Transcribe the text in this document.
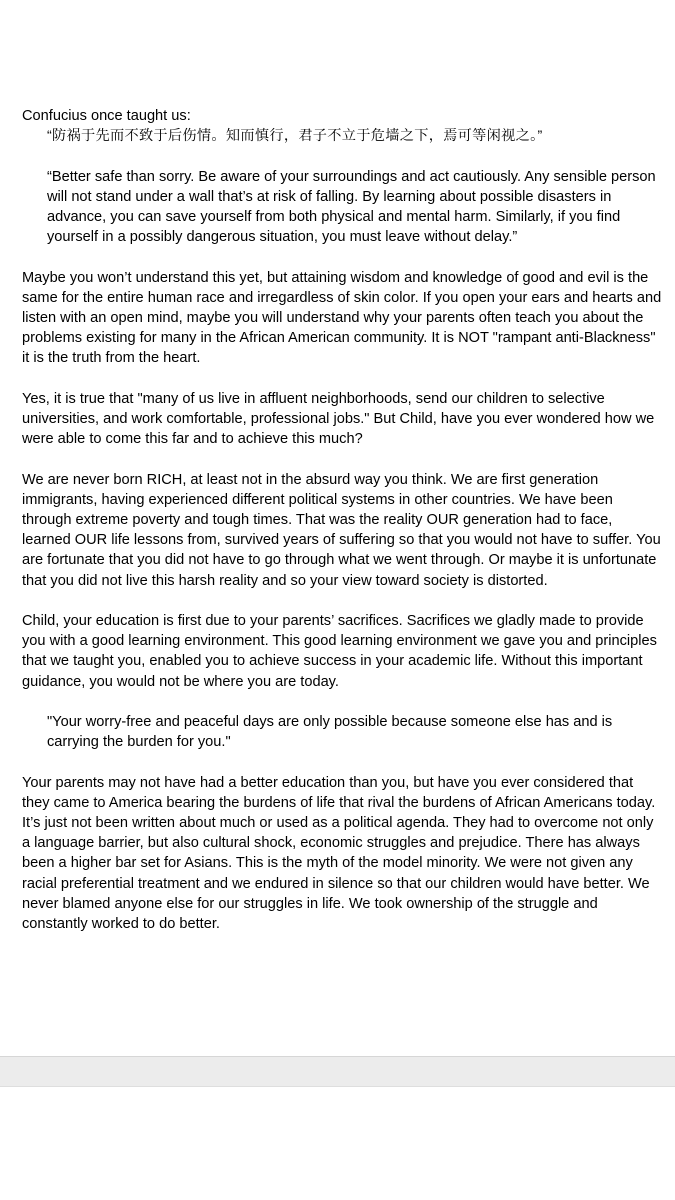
Confucius once taught us:

“防祸于先而不致于后伤情。知而慎行，君子不立于危墙之下，焉可等闲视之。”

“Better safe than sorry. Be aware of your surroundings and act cautiously. Any sensible person will not stand under a wall that’s at risk of falling. By learning about possible disasters in advance, you can save yourself from both physical and mental harm. Similarly, if you find yourself in a possibly dangerous situation, you must leave without delay.”

Maybe you won’t understand this yet, but attaining wisdom and knowledge of good and evil is the same for the entire human race and irregardless of skin color. If you open your ears and hearts and listen with an open mind, maybe you will understand why your parents often teach you about the problems existing for many in the African American community. It is NOT "rampant anti-Blackness" it is the truth from the heart.

Yes, it is true that "many of us live in affluent neighborhoods, send our children to selective universities, and work comfortable, professional jobs." But Child, have you ever wondered how we were able to come this far and to achieve this much?

We are never born RICH, at least not in the absurd way you think. We are first generation immigrants, having experienced different political systems in other countries. We have been through extreme poverty and tough times. That was the reality OUR generation had to face, learned OUR life lessons from, survived years of suffering so that you would not have to suffer. You are fortunate that you did not have to go through what we went through. Or maybe it is unfortunate that you did not live this harsh reality and so your view toward society is distorted.

Child, your education is first due to your parents’ sacrifices. Sacrifices we gladly made to provide you with a good learning environment. This good learning environment we gave you and principles that we taught you, enabled you to achieve success in your academic life. Without this important guidance, you would not be where you are today.

"Your worry-free and peaceful days are only possible because someone else has and is carrying the burden for you."

Your parents may not have had a better education than you, but have you ever considered that they came to America bearing the burdens of life that rival the burdens of African Americans today. It’s just not been written about much or used as a political agenda. They had to overcome not only a language barrier, but also cultural shock, economic struggles and prejudice. There has always been a higher bar set for Asians. This is the myth of the model minority. We were not given any racial preferential treatment and we endured in silence so that our children would have better. We never blamed anyone else for our struggles in life. We took ownership of the struggle and constantly worked to do better.
